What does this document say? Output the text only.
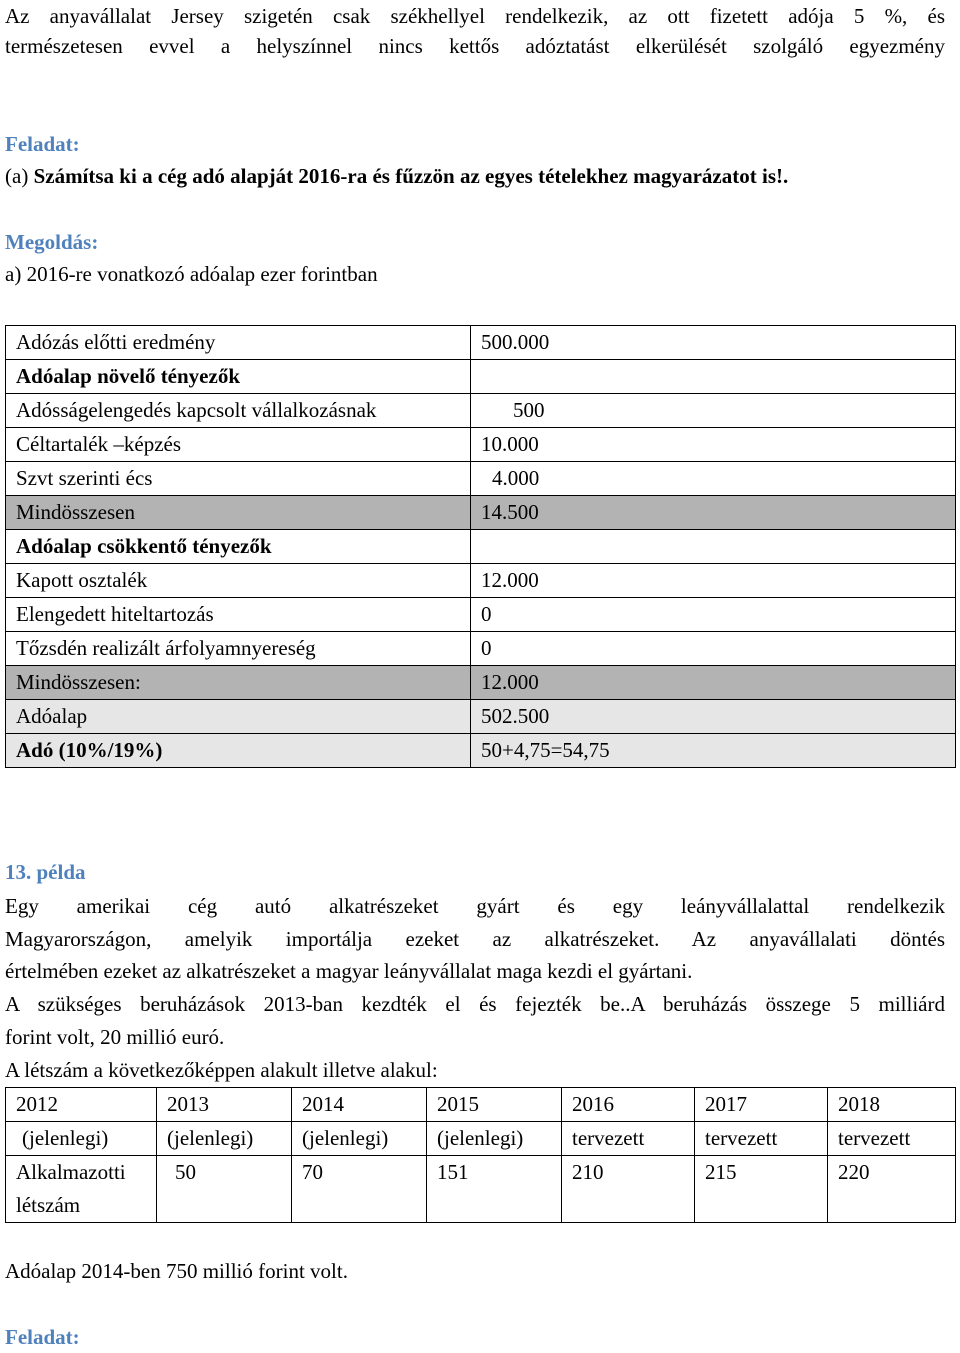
Az anyavállalat Jersey szigetén csak székhellyel rendelkezik, az ott fizetett adója 5 %, és

természetesen evvel a helyszínnel nincs kettős adóztatást elkerülését szolgáló egyezmény

Feladat:

(a) Számítsa ki a cég adó alapját 2016-ra és fűzzön az egyes tételekhez magyarázatot is!.

Megoldás:

a) 2016-re vonatkozó adóalap ezer forintban

Adózás előtti eredmény	500.000
Adóalap növelő tényezők	
Adósságelengedés kapcsolt vállalkozásnak	500
Céltartalék –képzés	10.000
Szvt szerinti écs	4.000
Mindösszesen	14.500
Adóalap csökkentő tényezők	
Kapott osztalék	12.000
Elengedett hiteltartozás	0
Tőzsdén realizált árfolyamnyereség	0
Mindösszesen:	12.000
Adóalap	502.500
Adó (10%/19%)	50+4,75=54,75

13. példa

Egy amerikai cég autó alkatrészeket gyárt és egy leányvállalattal rendelkezik

Magyarországon, amelyik importálja ezeket az alkatrészeket. Az anyavállalati döntés

értelmében ezeket az alkatrészeket a magyar leányvállalat maga kezdi el gyártani.

A szükséges beruházások 2013-ban kezdték el és fejezték be..A beruházás összege 5 milliárd

forint volt, 20 millió euró.

A létszám a következőképpen alakult illetve alakul:

2012	2013	2014	2015	2016	2017	2018
(jelenlegi)	(jelenlegi)	(jelenlegi)	(jelenlegi)	tervezett	tervezett	tervezett
Alkalmazotti létszám	50	70	151	210	215	220

Adóalap 2014-ben 750 millió forint volt.

Feladat:
